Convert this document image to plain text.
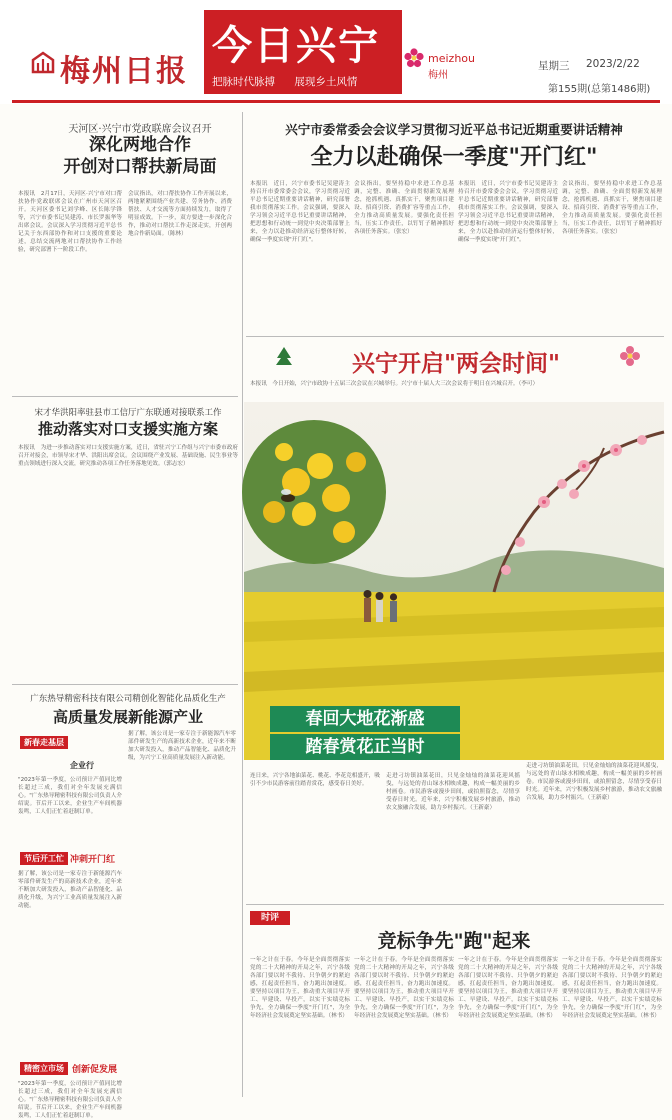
梅州日报
今日兴宁
把脉时代脉搏 展现乡土风情
meizhou
梅州
星期三 2023/2/22
第155期(总第1486期)
天河区·兴宁市党政联席会议召开
深化两地合作
开创对口帮扶新局面
本报讯　2月17日，天河区·兴宁市对口帮扶协作党政联席会议在广州市天河区召开。天河区委书记刘学峰、区长陈学锋等，兴宁市委书记吴建涛、市长罗振华等出席会议。会议深入学习贯彻习近平总书记关于东西部协作和对口支援的重要论述，总结交流两地对口帮扶协作工作经验，研究部署下一阶段工作。
会议指出，对口帮扶协作工作开展以来，两地紧紧围绕产业共建、劳务协作、消费帮扶、人才交流等方面持续发力，取得了明显成效。下一步，双方要进一步深化合作，推动对口帮扶工作走深走实，开创两地合作新局面。（陈林）
宋才华洪阳率驻县市工信厅广东联通对接联系工作
推动落实对口支援实施方案
本报讯　为进一步推动落实对口支援实施方案，近日，省驻兴宁工作组与兴宁市委市政府召开对接会，市领导宋才华、洪阳出席会议。会议围绕产业发展、基础设施、民生事业等重点领域进行深入交流，研究推动各项工作任务落地见效。（郭志宏）
广东热导精密科技有限公司精创化智能化品质化生产
高质量发展新能源产业
新春走基层
企业行
"2023年第一季度，公司预计产值同比增长超过三成，我们对全年发展充满信心。"广东热导精密科技有限公司负责人介绍说。节后开工以来，企业生产车间机器轰鸣，工人们正忙着赶制订单。
据了解，该公司是一家专注于新能源汽车零部件研发生产的高新技术企业，近年来不断加大研发投入，推动产品智能化、品质化升级，为兴宁工业高质量发展注入新动能。
节后开工忙 冲刺开门红
据了解，该公司是一家专注于新能源汽车零部件研发生产的高新技术企业，近年来不断加大研发投入，推动产品智能化、品质化升级，为兴宁工业高质量发展注入新动能。
精密立市场 创新促发展
"2023年第一季度，公司预计产值同比增长超过三成，我们对全年发展充满信心。"广东热导精密科技有限公司负责人介绍说。节后开工以来，企业生产车间机器轰鸣，工人们正忙着赶制订单。
兴宁市委常委会会议学习贯彻习近平总书记近期重要讲话精神
全力以赴确保一季度"开门红"
本报讯　近日，兴宁市委书记吴建涛主持召开市委常委会会议，学习贯彻习近平总书记近期重要讲话精神，研究部署我市贯彻落实工作。会议强调，要深入学习领会习近平总书记重要讲话精神，把思想和行动统一到党中央决策部署上来，全力以赴推动经济运行整体好转，确保一季度实现"开门红"。
会议指出，要坚持稳中求进工作总基调，完整、准确、全面贯彻新发展理念，抢抓机遇、真抓实干，聚焦项目建设、招商引资、消费扩容等重点工作，全力推动高质量发展。要强化责任担当，压实工作责任，以钉钉子精神抓好各项任务落实。（张宏）
本报讯　近日，兴宁市委书记吴建涛主持召开市委常委会会议，学习贯彻习近平总书记近期重要讲话精神，研究部署我市贯彻落实工作。会议强调，要深入学习领会习近平总书记重要讲话精神，把思想和行动统一到党中央决策部署上来，全力以赴推动经济运行整体好转，确保一季度实现"开门红"。
会议指出，要坚持稳中求进工作总基调，完整、准确、全面贯彻新发展理念，抢抓机遇、真抓实干，聚焦项目建设、招商引资、消费扩容等重点工作，全力推动高质量发展。要强化责任担当，压实工作责任，以钉钉子精神抓好各项任务落实。（张宏）
兴宁开启"两会时间"
本报讯　今日开始，兴宁市政协十五届三次会议在兴城举行。兴宁市十届人大三次会议将于明日在兴城召开。（李可）
春回大地花渐盛
踏春赏花正当时
连日来，兴宁各地油菜花、桃花、李花竞相盛开，吸引不少市民游客前往踏青赏花，感受春日美好。
走进刁坊镇油菜花田，只见金灿灿的油菜花迎风摇曳，与远处的青山绿水相映成趣，构成一幅美丽的乡村画卷。市民游客或漫步田间，或拍照留念，尽情享受春日时光。近年来，兴宁积极发展乡村旅游，推动农文旅融合发展，助力乡村振兴。（王新豪）
走进刁坊镇油菜花田，只见金灿灿的油菜花迎风摇曳，与远处的青山绿水相映成趣，构成一幅美丽的乡村画卷。市民游客或漫步田间，或拍照留念，尽情享受春日时光。近年来，兴宁积极发展乡村旅游，推动农文旅融合发展，助力乡村振兴。（王新豪）
时评
竞标争先"跑"起来
一年之计在于春。今年是全面贯彻落实党的二十大精神的开局之年，兴宁各级各部门要以时不我待、只争朝夕的紧迫感，扛起责任担当，奋力跑出加速度。要坚持以项目为王，推动重大项目早开工、早建设、早投产，以实干实绩竞标争先，全力确保一季度"开门红"，为全年经济社会发展奠定坚实基础。（林书）
一年之计在于春。今年是全面贯彻落实党的二十大精神的开局之年，兴宁各级各部门要以时不我待、只争朝夕的紧迫感，扛起责任担当，奋力跑出加速度。要坚持以项目为王，推动重大项目早开工、早建设、早投产，以实干实绩竞标争先，全力确保一季度"开门红"，为全年经济社会发展奠定坚实基础。（林书）
一年之计在于春。今年是全面贯彻落实党的二十大精神的开局之年，兴宁各级各部门要以时不我待、只争朝夕的紧迫感，扛起责任担当，奋力跑出加速度。要坚持以项目为王，推动重大项目早开工、早建设、早投产，以实干实绩竞标争先，全力确保一季度"开门红"，为全年经济社会发展奠定坚实基础。（林书）
一年之计在于春。今年是全面贯彻落实党的二十大精神的开局之年，兴宁各级各部门要以时不我待、只争朝夕的紧迫感，扛起责任担当，奋力跑出加速度。要坚持以项目为王，推动重大项目早开工、早建设、早投产，以实干实绩竞标争先，全力确保一季度"开门红"，为全年经济社会发展奠定坚实基础。（林书）
